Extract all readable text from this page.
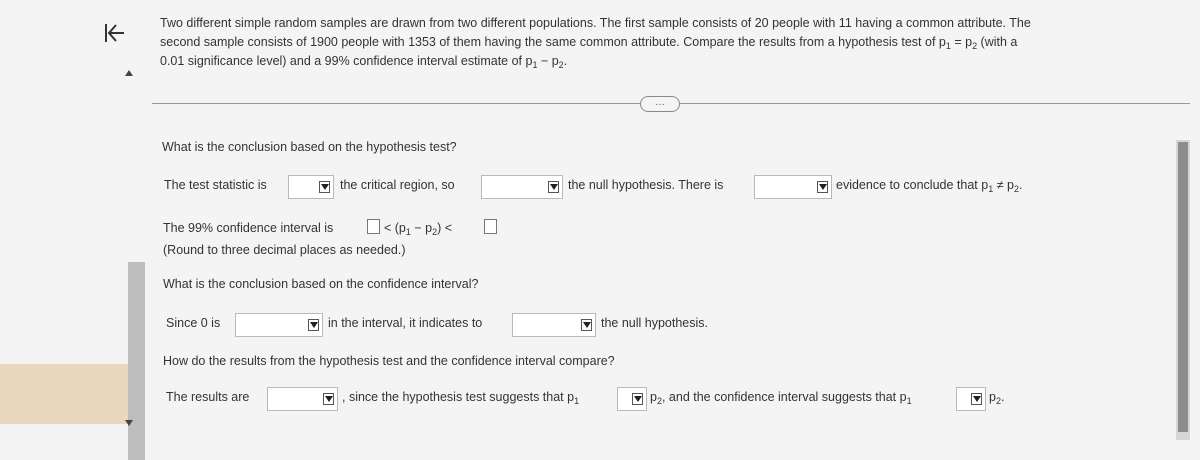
Two different simple random samples are drawn from two different populations. The first sample consists of 20 people with 11 having a common attribute. The
second sample consists of 1900 people with 1353 of them having the same common attribute. Compare the results from a hypothesis test of $p_1 = p_2$ (with a
0.01 significance level) and a 99% confidence interval estimate of $p_1 - p_2$.
…
What is the conclusion based on the hypothesis test?
The test statistic is	the critical region, so	the null hypothesis. There is	evidence to conclude that $p_1 \ne p_2$.
The 99% confidence interval is	< $(p_1 - p_2)$ <
(Round to three decimal places as needed.)
What is the conclusion based on the confidence interval?
Since 0 is	in the interval, it indicates to	the null hypothesis.
How do the results from the hypothesis test and the confidence interval compare?
The results are	, since the hypothesis test suggests that $p_1$	$p_2$, and the confidence interval suggests that $p_1$	$p_2$.
